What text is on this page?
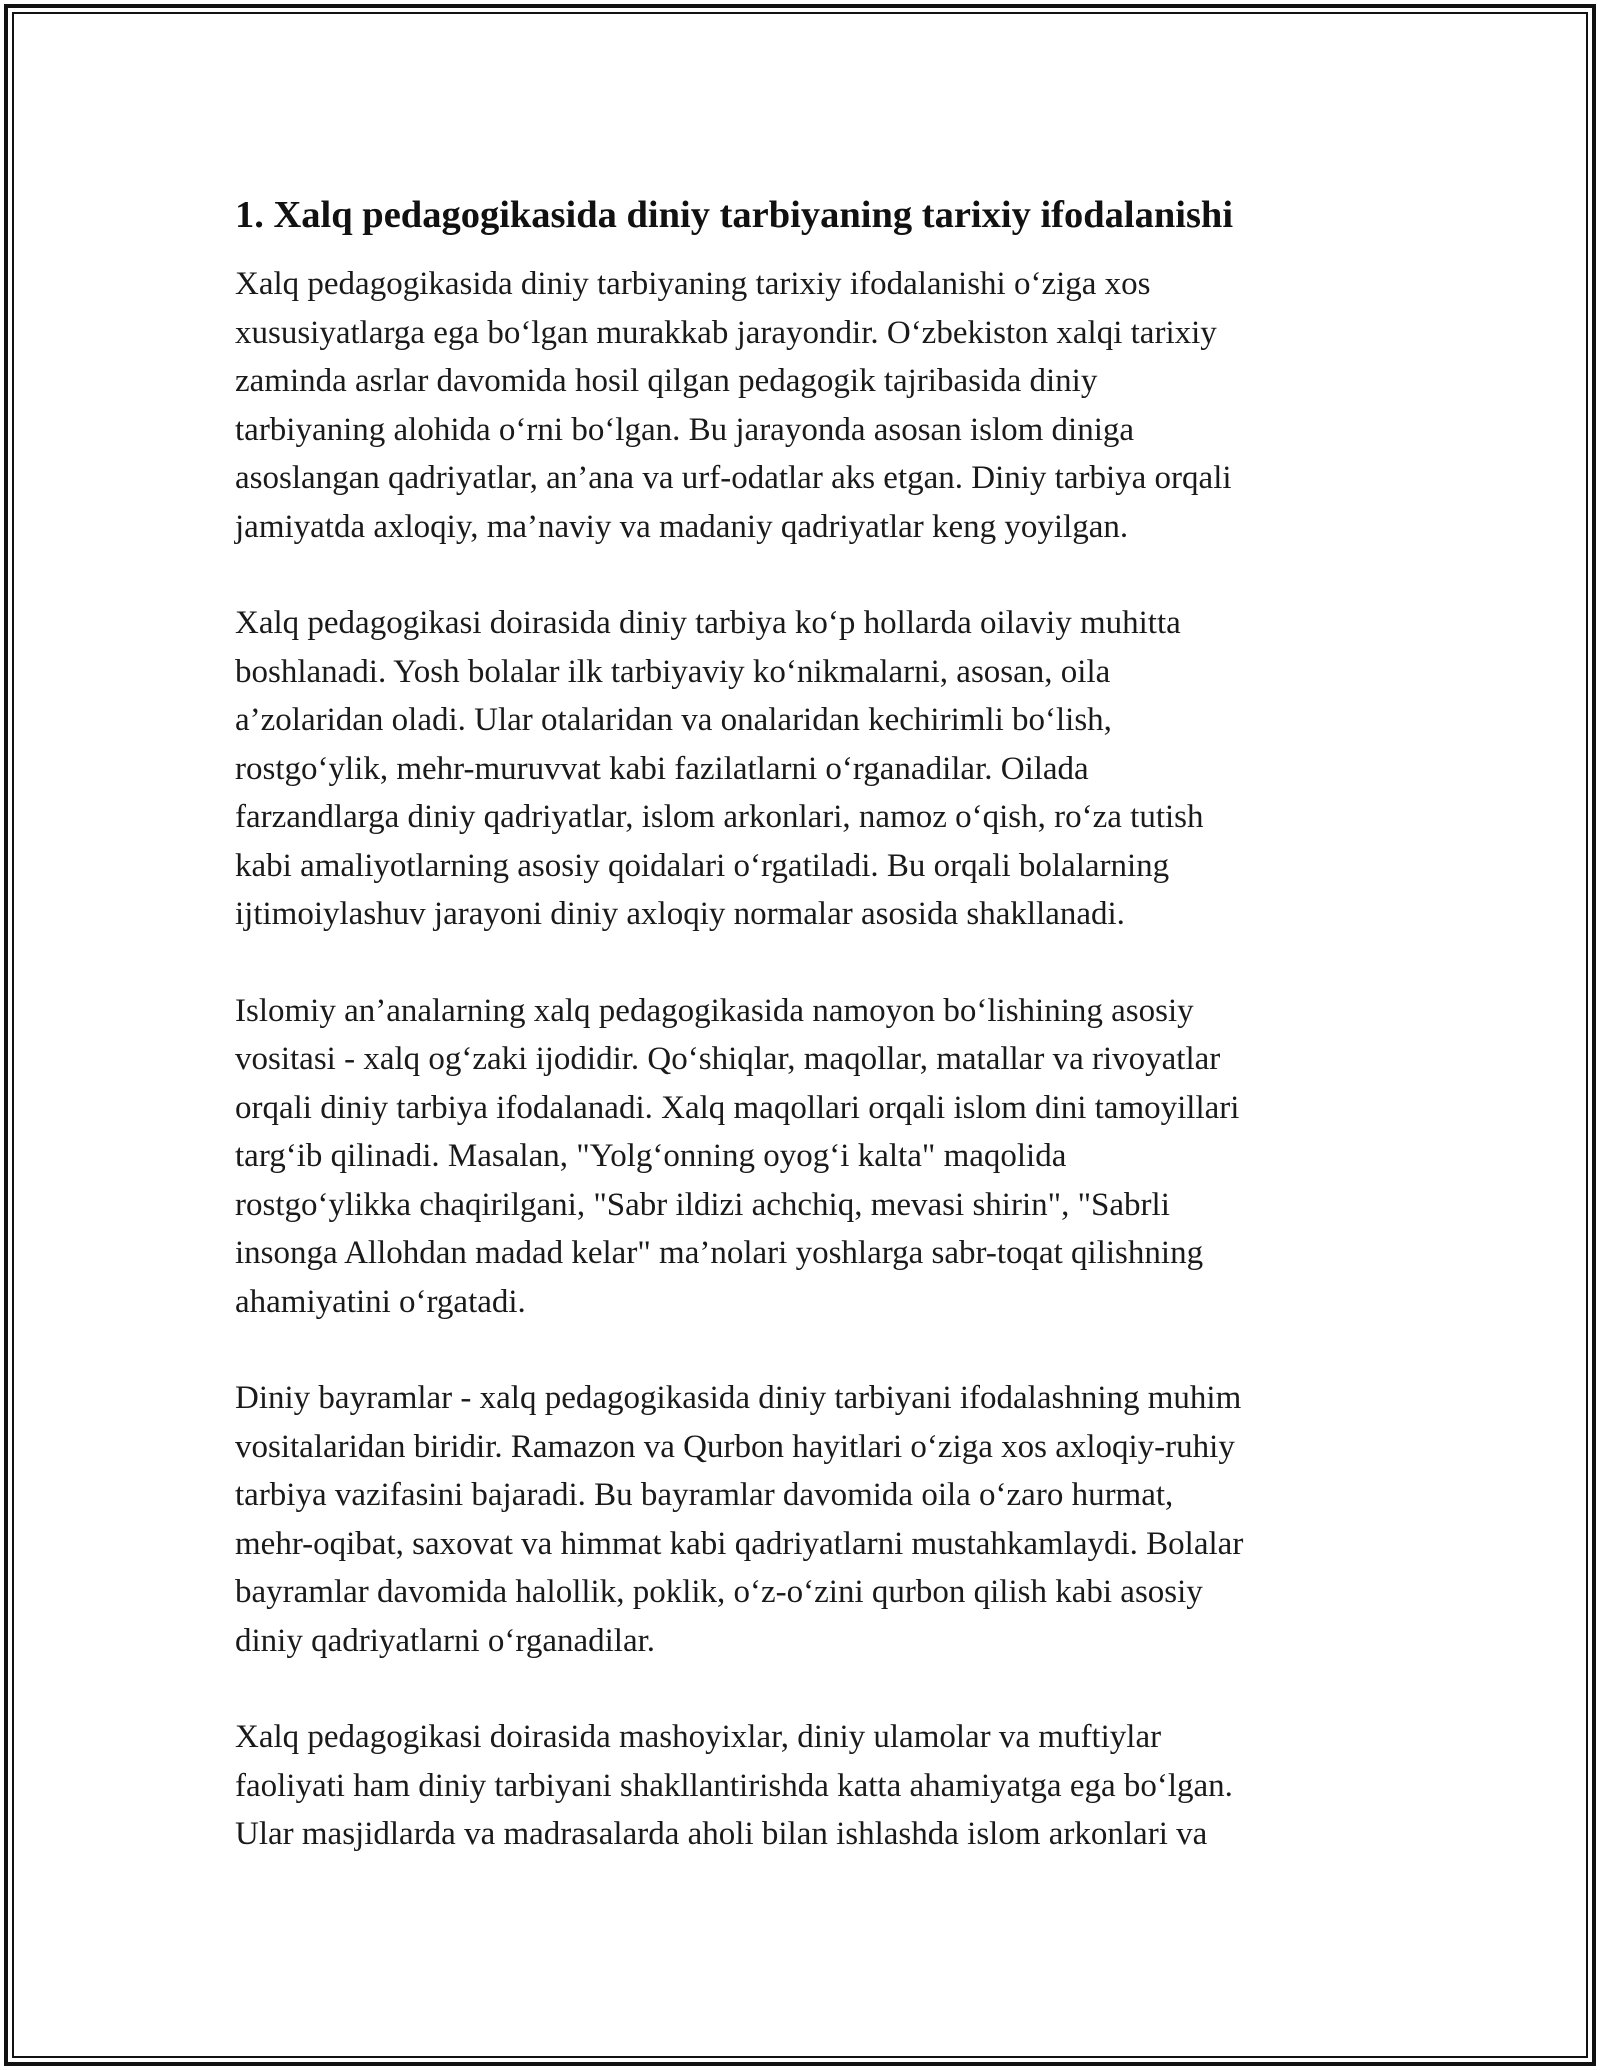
1. Xalq pedagogikasida diniy tarbiyaning tarixiy ifodalanishi

Xalq pedagogikasida diniy tarbiyaning tarixiy ifodalanishi oʻziga xos
xususiyatlarga ega boʻlgan murakkab jarayondir. Oʻzbekiston xalqi tarixiy
zaminda asrlar davomida hosil qilgan pedagogik tajribasida diniy
tarbiyaning alohida oʻrni boʻlgan. Bu jarayonda asosan islom diniga
asoslangan qadriyatlar, an’ana va urf-odatlar aks etgan. Diniy tarbiya orqali
jamiyatda axloqiy, ma’naviy va madaniy qadriyatlar keng yoyilgan.

Xalq pedagogikasi doirasida diniy tarbiya koʻp hollarda oilaviy muhitta
boshlanadi. Yosh bolalar ilk tarbiyaviy koʻnikmalarni, asosan, oila
a’zolaridan oladi. Ular otalaridan va onalaridan kechirimli boʻlish,
rostgoʻylik, mehr-muruvvat kabi fazilatlarni oʻrganadilar. Oilada
farzandlarga diniy qadriyatlar, islom arkonlari, namoz oʻqish, roʻza tutish
kabi amaliyotlarning asosiy qoidalari oʻrgatiladi. Bu orqali bolalarning
ijtimoiylashuv jarayoni diniy axloqiy normalar asosida shakllanadi.

Islomiy an’analarning xalq pedagogikasida namoyon boʻlishining asosiy
vositasi - xalq ogʻzaki ijodidir. Qoʻshiqlar, maqollar, matallar va rivoyatlar
orqali diniy tarbiya ifodalanadi. Xalq maqollari orqali islom dini tamoyillari
targʻib qilinadi. Masalan, "Yolgʻonning oyogʻi kalta" maqolida
rostgoʻylikka chaqirilgani, "Sabr ildizi achchiq, mevasi shirin", "Sabrli
insonga Allohdan madad kelar" ma’nolari yoshlarga sabr-toqat qilishning
ahamiyatini oʻrgatadi.

Diniy bayramlar - xalq pedagogikasida diniy tarbiyani ifodalashning muhim
vositalaridan biridir. Ramazon va Qurbon hayitlari oʻziga xos axloqiy-ruhiy
tarbiya vazifasini bajaradi. Bu bayramlar davomida oila oʻzaro hurmat,
mehr-oqibat, saxovat va himmat kabi qadriyatlarni mustahkamlaydi. Bolalar
bayramlar davomida halollik, poklik, oʻz-oʻzini qurbon qilish kabi asosiy
diniy qadriyatlarni oʻrganadilar.

Xalq pedagogikasi doirasida mashoyixlar, diniy ulamolar va muftiylar
faoliyati ham diniy tarbiyani shakllantirishda katta ahamiyatga ega boʻlgan.
Ular masjidlarda va madrasalarda aholi bilan ishlashda islom arkonlari va
